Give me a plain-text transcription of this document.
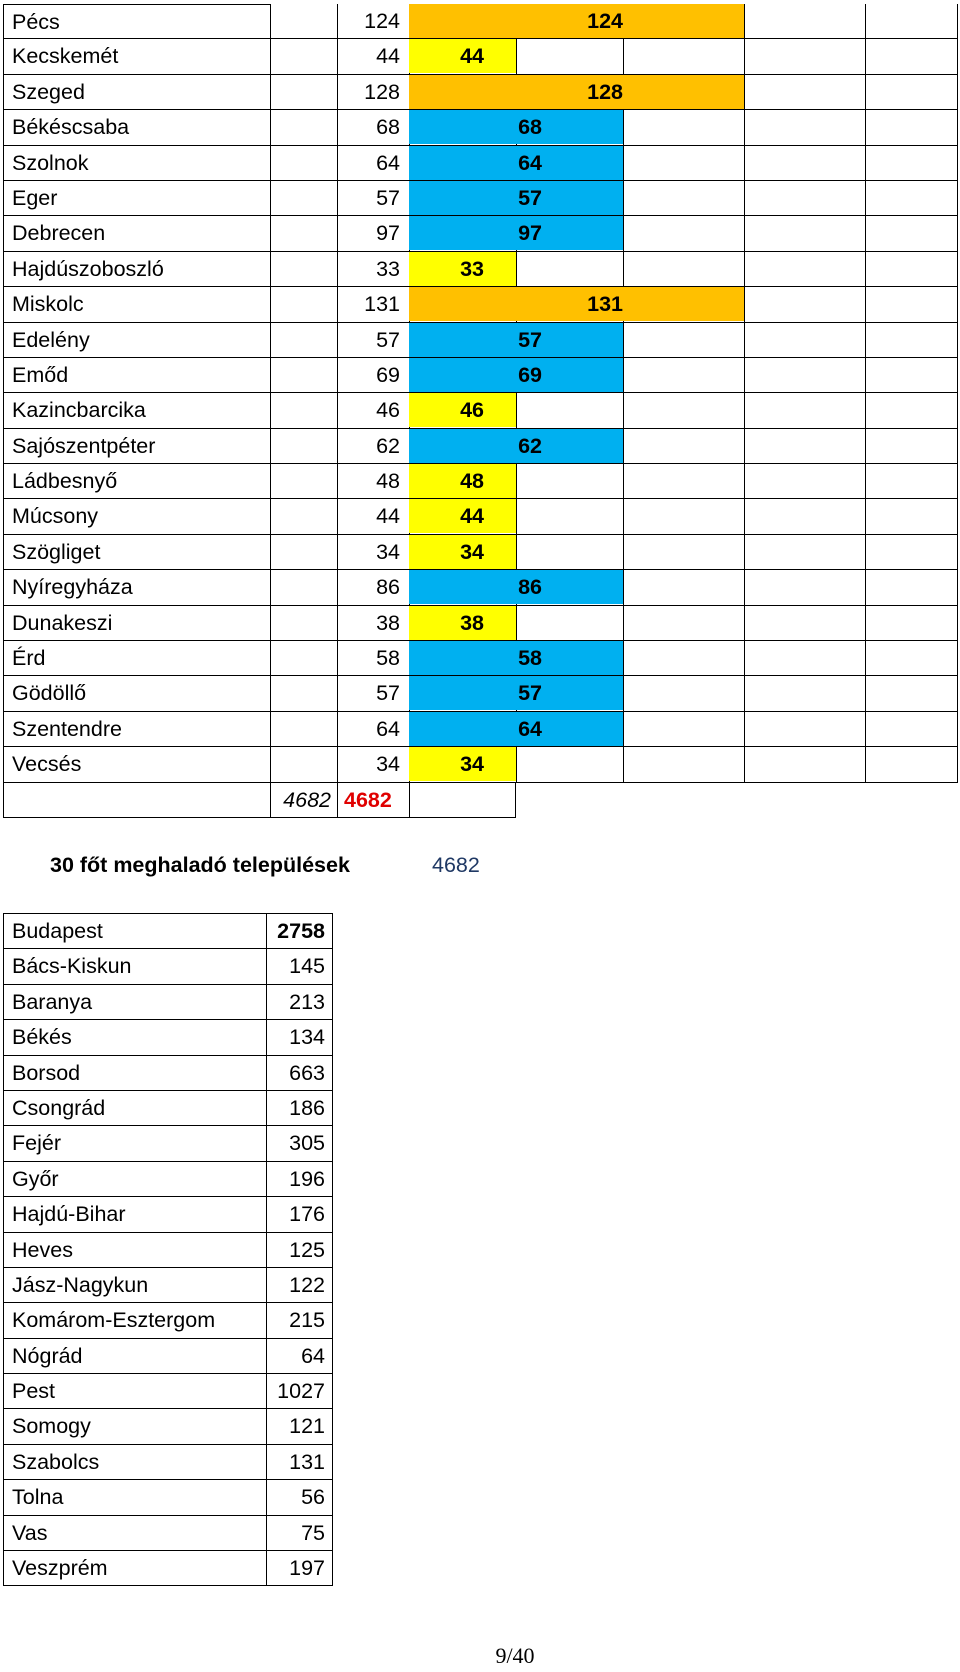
Pécs	124	124
Kecskemét	44	44
Szeged	128	128
Békéscsaba	68	68
Szolnok	64	64
Eger	57	57
Debrecen	97	97
Hajdúszoboszló	33	33
Miskolc	131	131
Edelény	57	57
Emőd	69	69
Kazincbarcika	46	46
Sajószentpéter	62	62
Ládbesnyő	48	48
Múcsony	44	44
Szögliget	34	34
Nyíregyháza	86	86
Dunakeszi	38	38
Érd	58	58
Gödöllő	57	57
Szentendre	64	64
Vecsés	34	34
4682 4682
30 főt meghaladó települések	4682
Budapest	2758
Bács-Kiskun	145
Baranya	213
Békés	134
Borsod	663
Csongrád	186
Fejér	305
Győr	196
Hajdú-Bihar	176
Heves	125
Jász-Nagykun	122
Komárom-Esztergom	215
Nógrád	64
Pest	1027
Somogy	121
Szabolcs	131
Tolna	56
Vas	75
Veszprém	197
9/40
